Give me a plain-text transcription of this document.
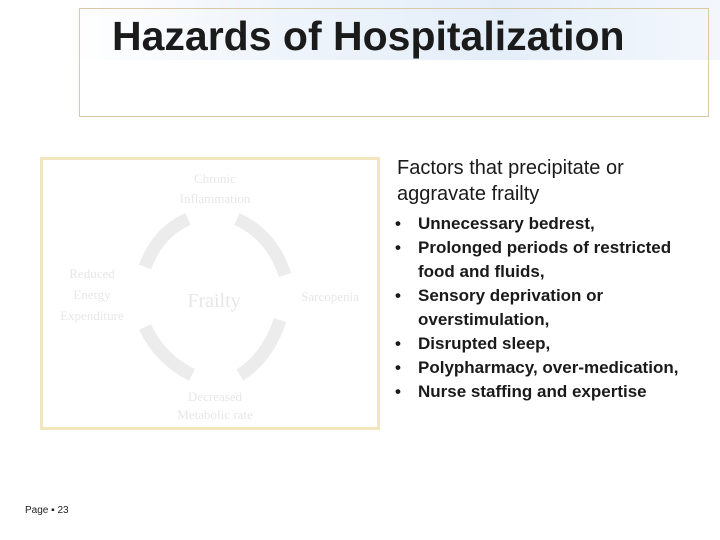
Hazards of Hospitalization
Chronic
Inflammation
Reduced
Energy
Expenditure
Frailty	Sarcopenia
Decreased
Metabolic rate

Factors that precipitate or
aggravate frailty

• Unnecessary bedrest,
• Prolonged periods of restricted food and fluids,
• Sensory deprivation or overstimulation,
• Disrupted sleep,
• Polypharmacy, over-medication,
• Nurse staffing and expertise
Page ▪ 23
